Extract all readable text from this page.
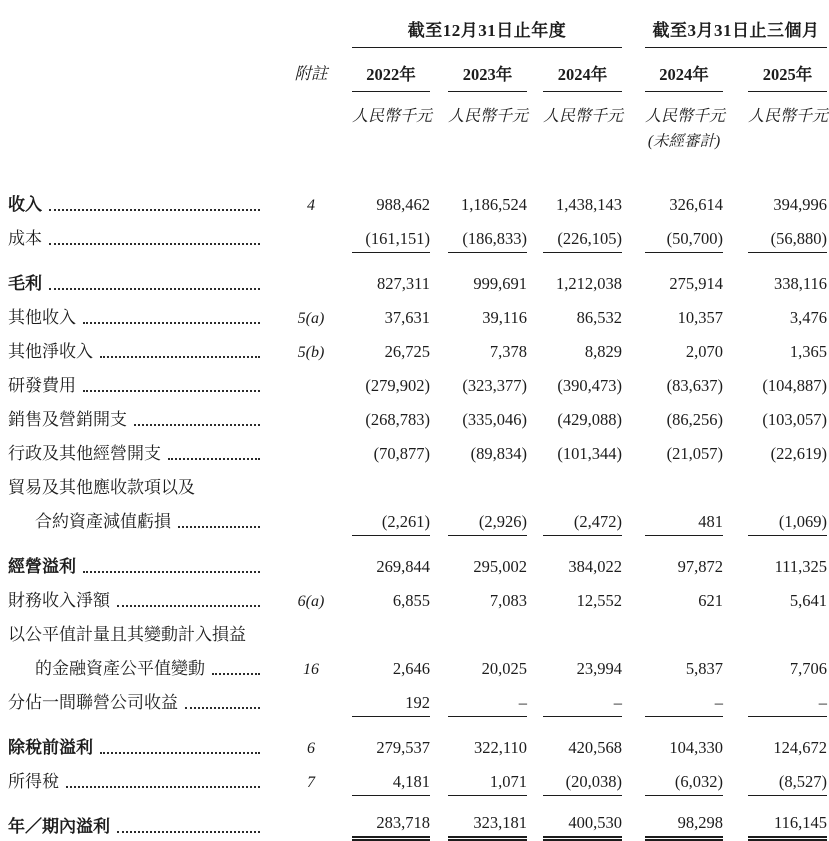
截至12月31日止年度	截至3月31日止三個月
附註	2022年	2023年	2024年	2024年	2025年
人民幣千元 人民幣千元 人民幣千元 人民幣千元 人民幣千元
(未經審計)
收入	4	988,462	1,186,524	1,438,143	326,614	394,996
成本	(161,151)	(186,833)	(226,105)	(50,700)	(56,880)
毛利	827,311	999,691	1,212,038	275,914	338,116
其他收入	5(a)	37,631	39,116	86,532	10,357	3,476
其他淨收入	5(b)	26,725	7,378	8,829	2,070	1,365
研發費用	(279,902)	(323,377)	(390,473)	(83,637)	(104,887)
銷售及營銷開支	(268,783)	(335,046)	(429,088)	(86,256)	(103,057)
行政及其他經營開支	(70,877)	(89,834)	(101,344)	(21,057)	(22,619)
貿易及其他應收款項以及
合約資產減值虧損	(2,261)	(2,926)	(2,472)	481	(1,069)
經營溢利	269,844	295,002	384,022	97,872	111,325
財務收入淨額	6(a)	6,855	7,083	12,552	621	5,641
以公平值計量且其變動計入損益
的金融資產公平值變動	16	2,646	20,025	23,994	5,837	7,706
分佔一間聯營公司收益	192	–	–	–	–
除稅前溢利	6	279,537	322,110	420,568	104,330	124,672
所得稅	7	4,181	1,071	(20,038)	(6,032)	(8,527)
年／期內溢利	283,718	323,181	400,530	98,298	116,145
